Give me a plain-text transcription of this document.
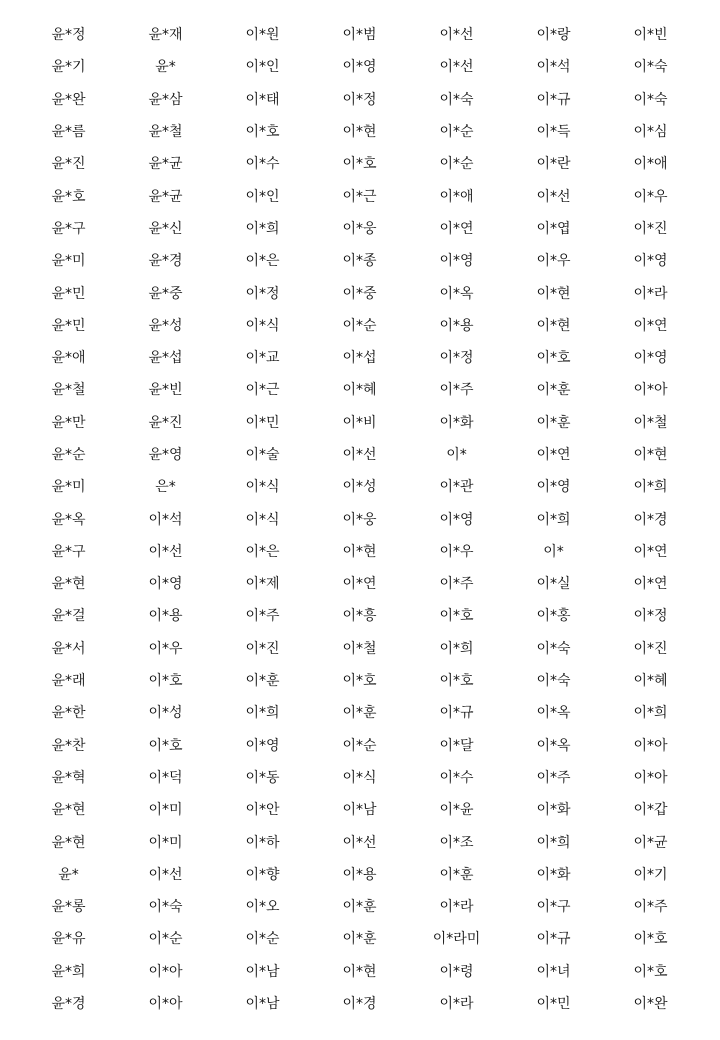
윤*정	윤*재	이*원	이*범	이*선	이*랑	이*빈
윤*기	윤*	이*인	이*영	이*선	이*석	이*숙
윤*완	윤*삼	이*태	이*정	이*숙	이*규	이*숙
윤*름	윤*철	이*호	이*현	이*순	이*득	이*심
윤*진	윤*균	이*수	이*호	이*순	이*란	이*애
윤*호	윤*균	이*인	이*근	이*애	이*선	이*우
윤*구	윤*신	이*희	이*웅	이*연	이*엽	이*진
윤*미	윤*경	이*은	이*종	이*영	이*우	이*영
윤*민	윤*중	이*정	이*중	이*옥	이*현	이*라
윤*민	윤*성	이*식	이*순	이*용	이*현	이*연
윤*애	윤*섭	이*교	이*섭	이*정	이*호	이*영
윤*철	윤*빈	이*근	이*혜	이*주	이*훈	이*아
윤*만	윤*진	이*민	이*비	이*화	이*훈	이*철
윤*순	윤*영	이*술	이*선	이*	이*연	이*현
윤*미	은*	이*식	이*성	이*관	이*영	이*희
윤*옥	이*석	이*식	이*웅	이*영	이*희	이*경
윤*구	이*선	이*은	이*현	이*우	이*	이*연
윤*현	이*영	이*제	이*연	이*주	이*실	이*연
윤*걸	이*용	이*주	이*흥	이*호	이*홍	이*정
윤*서	이*우	이*진	이*철	이*희	이*숙	이*진
윤*래	이*호	이*훈	이*호	이*호	이*숙	이*혜
윤*한	이*성	이*희	이*훈	이*규	이*옥	이*희
윤*찬	이*호	이*영	이*순	이*달	이*옥	이*아
윤*혁	이*덕	이*동	이*식	이*수	이*주	이*아
윤*현	이*미	이*안	이*남	이*윤	이*화	이*갑
윤*현	이*미	이*하	이*선	이*조	이*희	이*균
윤*	이*선	이*향	이*용	이*훈	이*화	이*기
윤*롱	이*숙	이*오	이*훈	이*라	이*구	이*주
윤*유	이*순	이*순	이*훈	이*라미	이*규	이*호
윤*희	이*아	이*남	이*현	이*령	이*녀	이*호
윤*경	이*아	이*남	이*경	이*라	이*민	이*완
